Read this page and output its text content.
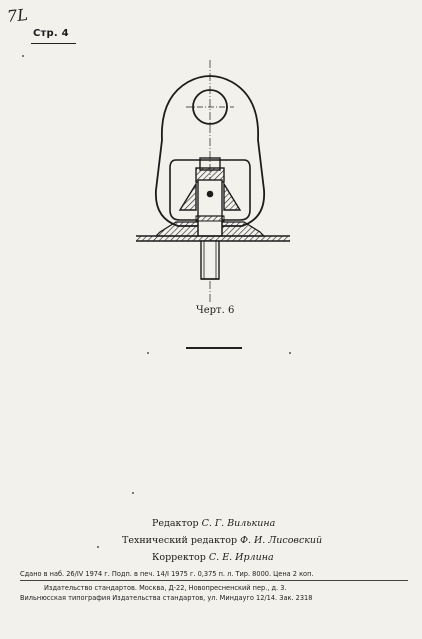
7L
Стр. 4
Черт. 6
Редактор С. Г. Вилькина
Технический редактор Ф. И. Лисовский
Корректор С. Е. Ирлина
Сдано в наб. 26/IV 1974 г. Подп. в печ. 14/I 1975 г. 0,375 п. л. Тир. 8000. Цена 2 коп.
Издательство стандартов. Москва, Д-22, Новопресненский пер., д. 3.
Вильнюсская типография Издательства стандартов, ул. Миндауго 12/14. Зак. 2318
